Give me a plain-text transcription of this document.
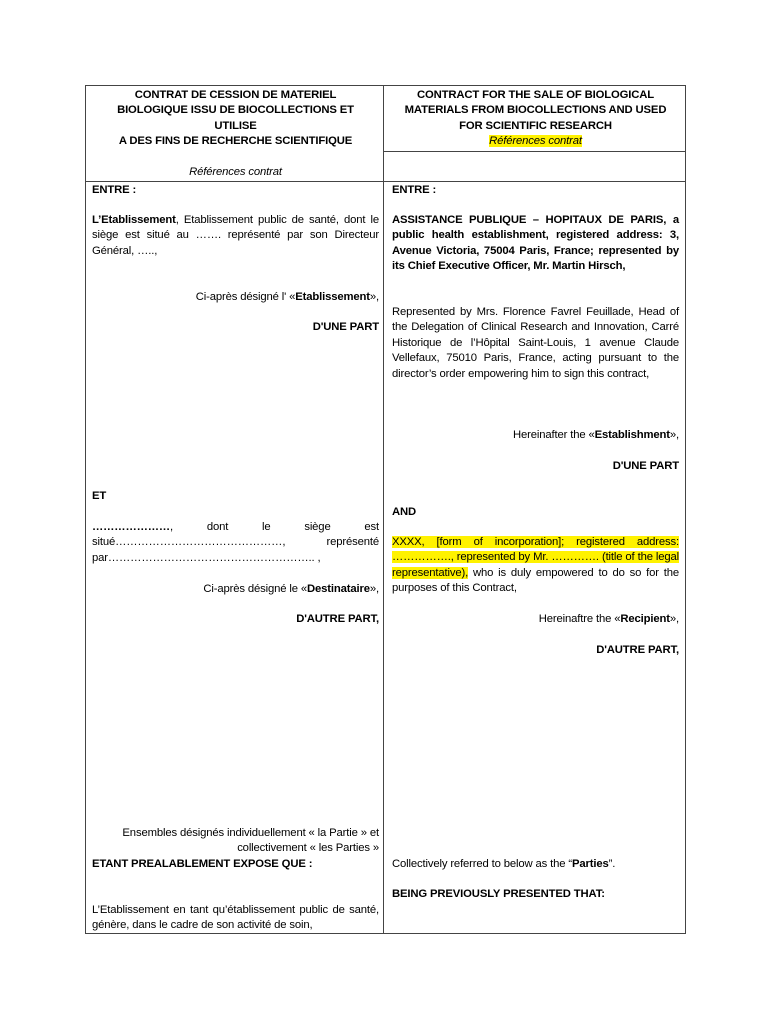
CONTRAT DE CESSION DE MATERIEL
BIOLOGIQUE ISSU DE BIOCOLLECTIONS ET
UTILISE
A DES FINS DE RECHERCHE SCIENTIFIQUE
Références contrat
CONTRACT FOR THE SALE OF BIOLOGICAL
MATERIALS FROM BIOCOLLECTIONS AND USED
FOR SCIENTIFIC RESEARCH
Références contrat
ENTRE :
L’Etablissement, Etablissement public de santé, dont le siège est situé au ……. représenté par son Directeur Général, …..,
Ci-après désigné l' «Etablissement»,
D'UNE PART
ET
…………………, dont le siège est situé………………………………………, représenté par……………………………………………….. ,
Ci-après désigné le «Destinataire»,
D'AUTRE PART,
Ensembles désignés individuellement « la Partie » et collectivement « les Parties »
ETANT PREALABLEMENT EXPOSE QUE :
L’Etablissement en tant qu’établissement public de santé, génère, dans le cadre de son activité de soin,
ENTRE :
ASSISTANCE PUBLIQUE – HOPITAUX DE PARIS, a public health establishment, registered address: 3, Avenue Victoria, 75004 Paris, France; represented by its Chief Executive Officer, Mr. Martin Hirsch,
Represented by Mrs. Florence Favrel Feuillade, Head of the Delegation of Clinical Research and Innovation, Carré Historique de l’Hôpital Saint-Louis, 1 avenue Claude Vellefaux, 75010 Paris, France, acting pursuant to the director’s order empowering him to sign this contract,
Hereinafter the «Establishment»,
D'UNE PART
AND
XXXX, [form of incorporation]; registered address: ……………., represented by Mr. …………. (title of the legal representative), who is duly empowered to do so for the purposes of this Contract,
Hereinaftre the «Recipient»,
D'AUTRE PART,
Collectively referred to below as the “Parties”.
BEING PREVIOUSLY PRESENTED THAT:
